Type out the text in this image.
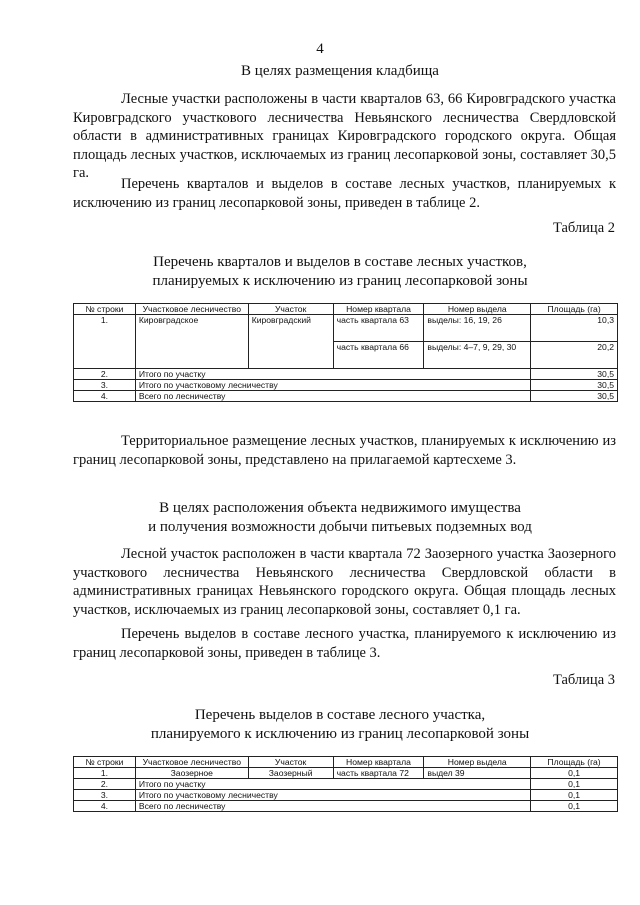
4
В целях размещения кладбища

Лесные участки расположены в части кварталов 63, 66 Кировградского участка Кировградского участкового лесничества Невьянского лесничества Свердловской области в административных границах Кировградского городского округа. Общая площадь лесных участков, исключаемых из границ лесопарковой зоны, составляет 30,5 га.

Перечень кварталов и выделов в составе лесных участков, планируемых к исключению из границ лесопарковой зоны, приведен в таблице 2.

Таблица 2
Перечень кварталов и выделов в составе лесных участков,
планируемых к исключению из границ лесопарковой зоны
№ строки	Участковое лесничество	Участок	Номер квартала	Номер выдела	Площадь (га)
1.	Кировградское	Кировградский	часть квартала 63	выделы: 16, 19, 26	10,3
			часть квартала 66	выделы: 4–7, 9, 29, 30	20,2
2.	Итого по участку				30,5
3.	Итого по участковому лесничеству				30,5
4.	Всего по лесничеству				30,5

Территориальное размещение лесных участков, планируемых к исключению из границ лесопарковой зоны, представлено на прилагаемой картесхеме 3.

В целях расположения объекта недвижимого имущества
и получения возможности добычи питьевых подземных вод

Лесной участок расположен в части квартала 72 Заозерного участка Заозерного участкового лесничества Невьянского лесничества Свердловской области в административных границах Невьянского городского округа. Общая площадь лесных участков, исключаемых из границ лесопарковой зоны, составляет 0,1 га.

Перечень выделов в составе лесного участка, планируемого к исключению из границ лесопарковой зоны, приведен в таблице 3.

Таблица 3
Перечень выделов в составе лесного участка,
планируемого к исключению из границ лесопарковой зоны
№ строки	Участковое лесничество	Участок	Номер квартала	Номер выдела	Площадь (га)
1.	Заозерное	Заозерный	часть квартала 72	выдел 39	0,1
2.	Итого по участку				0,1
3.	Итого по участковому лесничеству				0,1
4.	Всего по лесничеству				0,1
